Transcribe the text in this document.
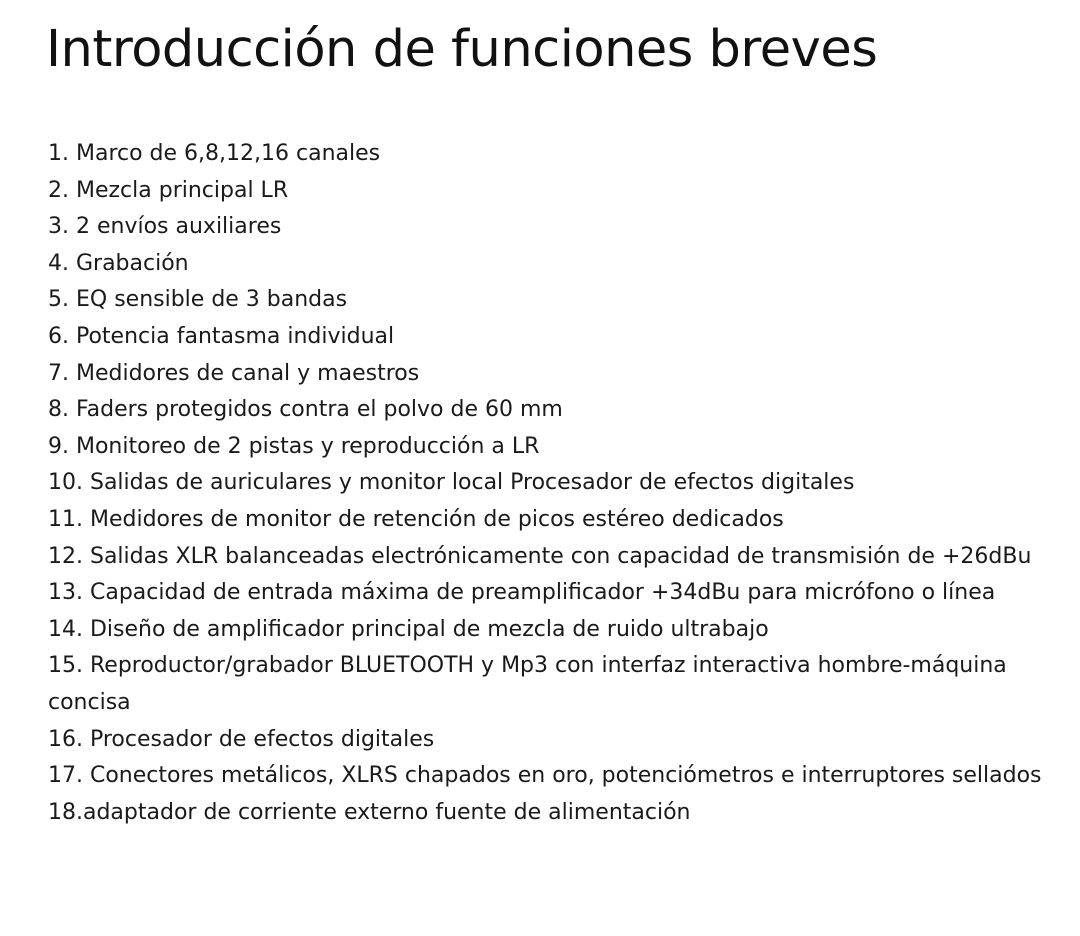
Introducción de funciones breves
1. Marco de 6,8,12,16 canales
2. Mezcla principal LR
3. 2 envíos auxiliares
4. Grabación
5. EQ sensible de 3 bandas
6. Potencia fantasma individual
7. Medidores de canal y maestros
8. Faders protegidos contra el polvo de 60 mm
9. Monitoreo de 2 pistas y reproducción a LR
10. Salidas de auriculares y monitor local Procesador de efectos digitales
11. Medidores de monitor de retención de picos estéreo dedicados
12. Salidas XLR balanceadas electrónicamente con capacidad de transmisión de +26dBu
13. Capacidad de entrada máxima de preamplificador +34dBu para micrófono o línea
14. Diseño de amplificador principal de mezcla de ruido ultrabajo
15. Reproductor/grabador BLUETOOTH y Mp3 con interfaz interactiva hombre-máquina concisa
16. Procesador de efectos digitales
17. Conectores metálicos, XLRS chapados en oro, potenciómetros e interruptores sellados
18.adaptador de corriente externo fuente de alimentación
